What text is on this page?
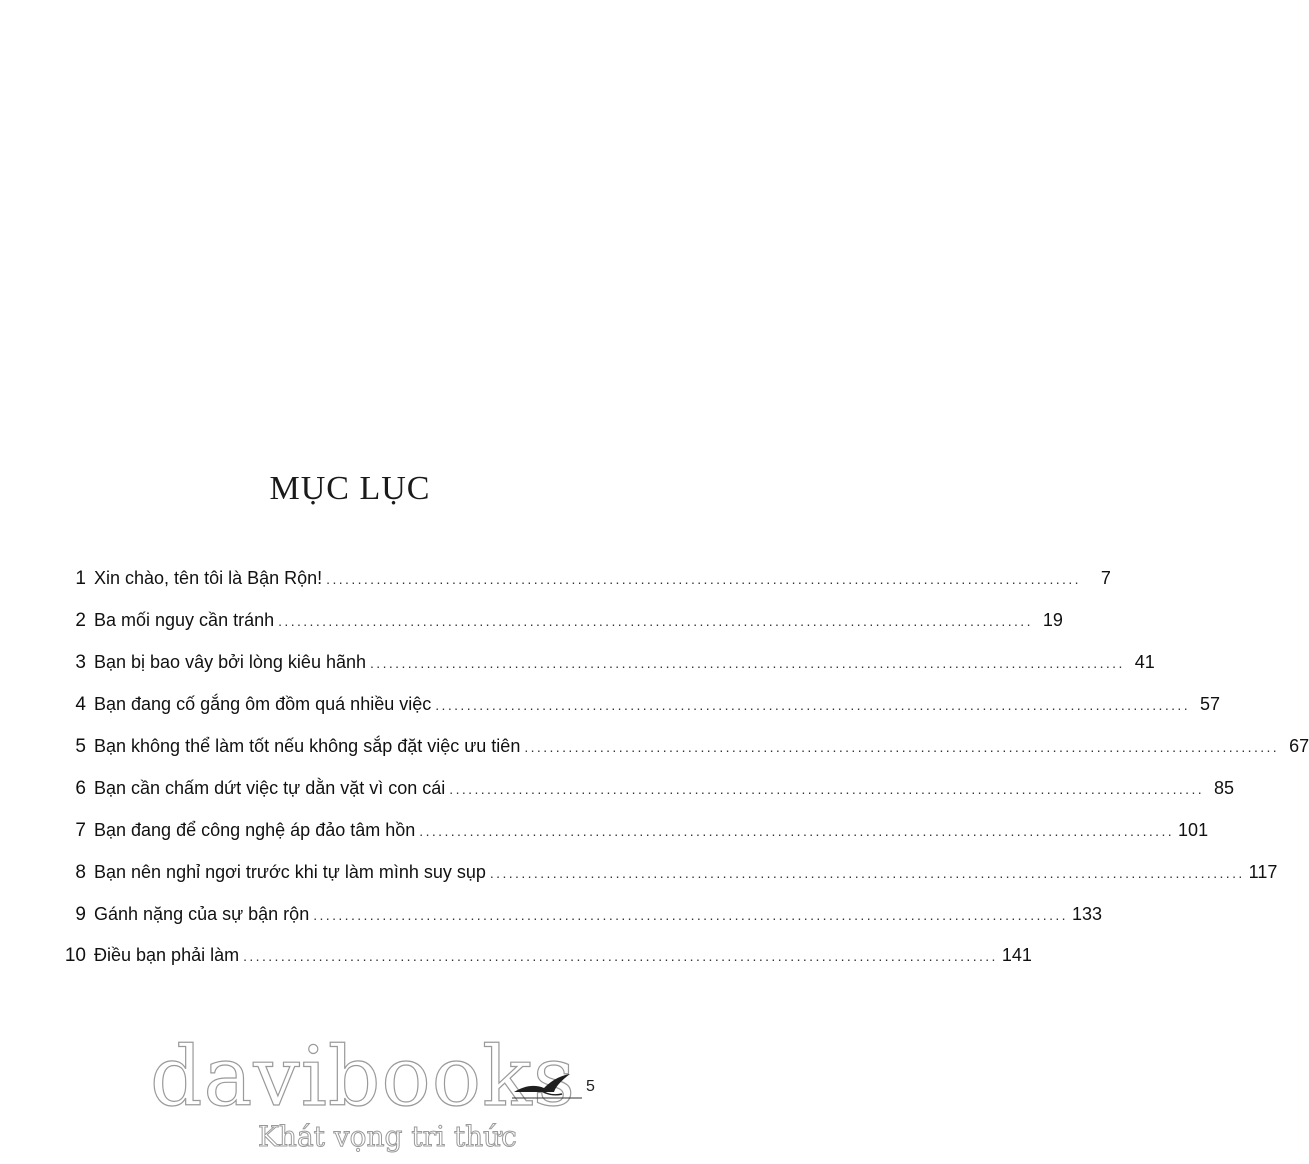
MỤC LỤC
1 Xin chào, tên tôi là Bận Rộn! ........................................................................................................................	7
2 Ba mối nguy cần tránh ........................................................................................................................ 19
3 Bạn bị bao vây bởi lòng kiêu hãnh ........................................................................................................................ 41
4 Bạn đang cố gắng ôm đồm quá nhiều việc ........................................................................................................................ 57
5 Bạn không thể làm tốt nếu không sắp đặt việc ưu tiên ........................................................................................................................ 67
6 Bạn cần chấm dứt việc tự dằn vặt vì con cái ........................................................................................................................ 85
7 Bạn đang để công nghệ áp đảo tâm hồn ........................................................................................................................ 101
8 Bạn nên nghỉ ngơi trước khi tự làm mình suy sụp ........................................................................................................................ 117
9 Gánh nặng của sự bận rộn ........................................................................................................................ 133
10 Điều bạn phải làm ........................................................................................................................ 141
davibooks
Khát vọng tri thức
5
